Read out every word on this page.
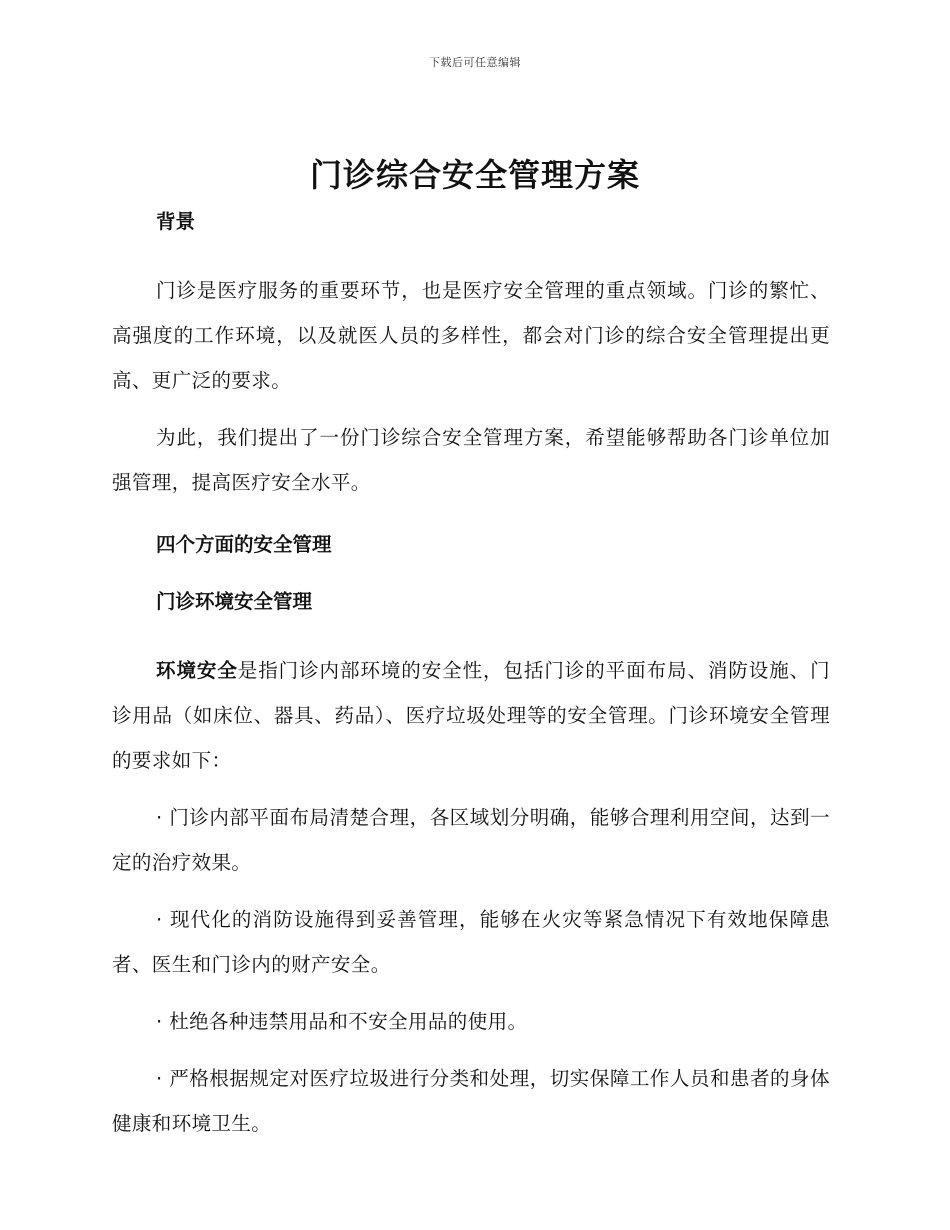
下载后可任意编辑
门诊综合安全管理方案

背景

门诊是医疗服务的重要环节，也是医疗安全管理的重点领域。门诊的繁忙、高强度的工作环境，以及就医人员的多样性，都会对门诊的综合安全管理提出更高、更广泛的要求。

为此，我们提出了一份门诊综合安全管理方案，希望能够帮助各门诊单位加强管理，提高医疗安全水平。

四个方面的安全管理

门诊环境安全管理

环境安全是指门诊内部环境的安全性，包括门诊的平面布局、消防设施、门诊用品（如床位、器具、药品）、医疗垃圾处理等的安全管理。门诊环境安全管理的要求如下：

· 门诊内部平面布局清楚合理，各区域划分明确，能够合理利用空间，达到一定的治疗效果。

· 现代化的消防设施得到妥善管理，能够在火灾等紧急情况下有效地保障患者、医生和门诊内的财产安全。

· 杜绝各种违禁用品和不安全用品的使用。

· 严格根据规定对医疗垃圾进行分类和处理，切实保障工作人员和患者的身体健康和环境卫生。
